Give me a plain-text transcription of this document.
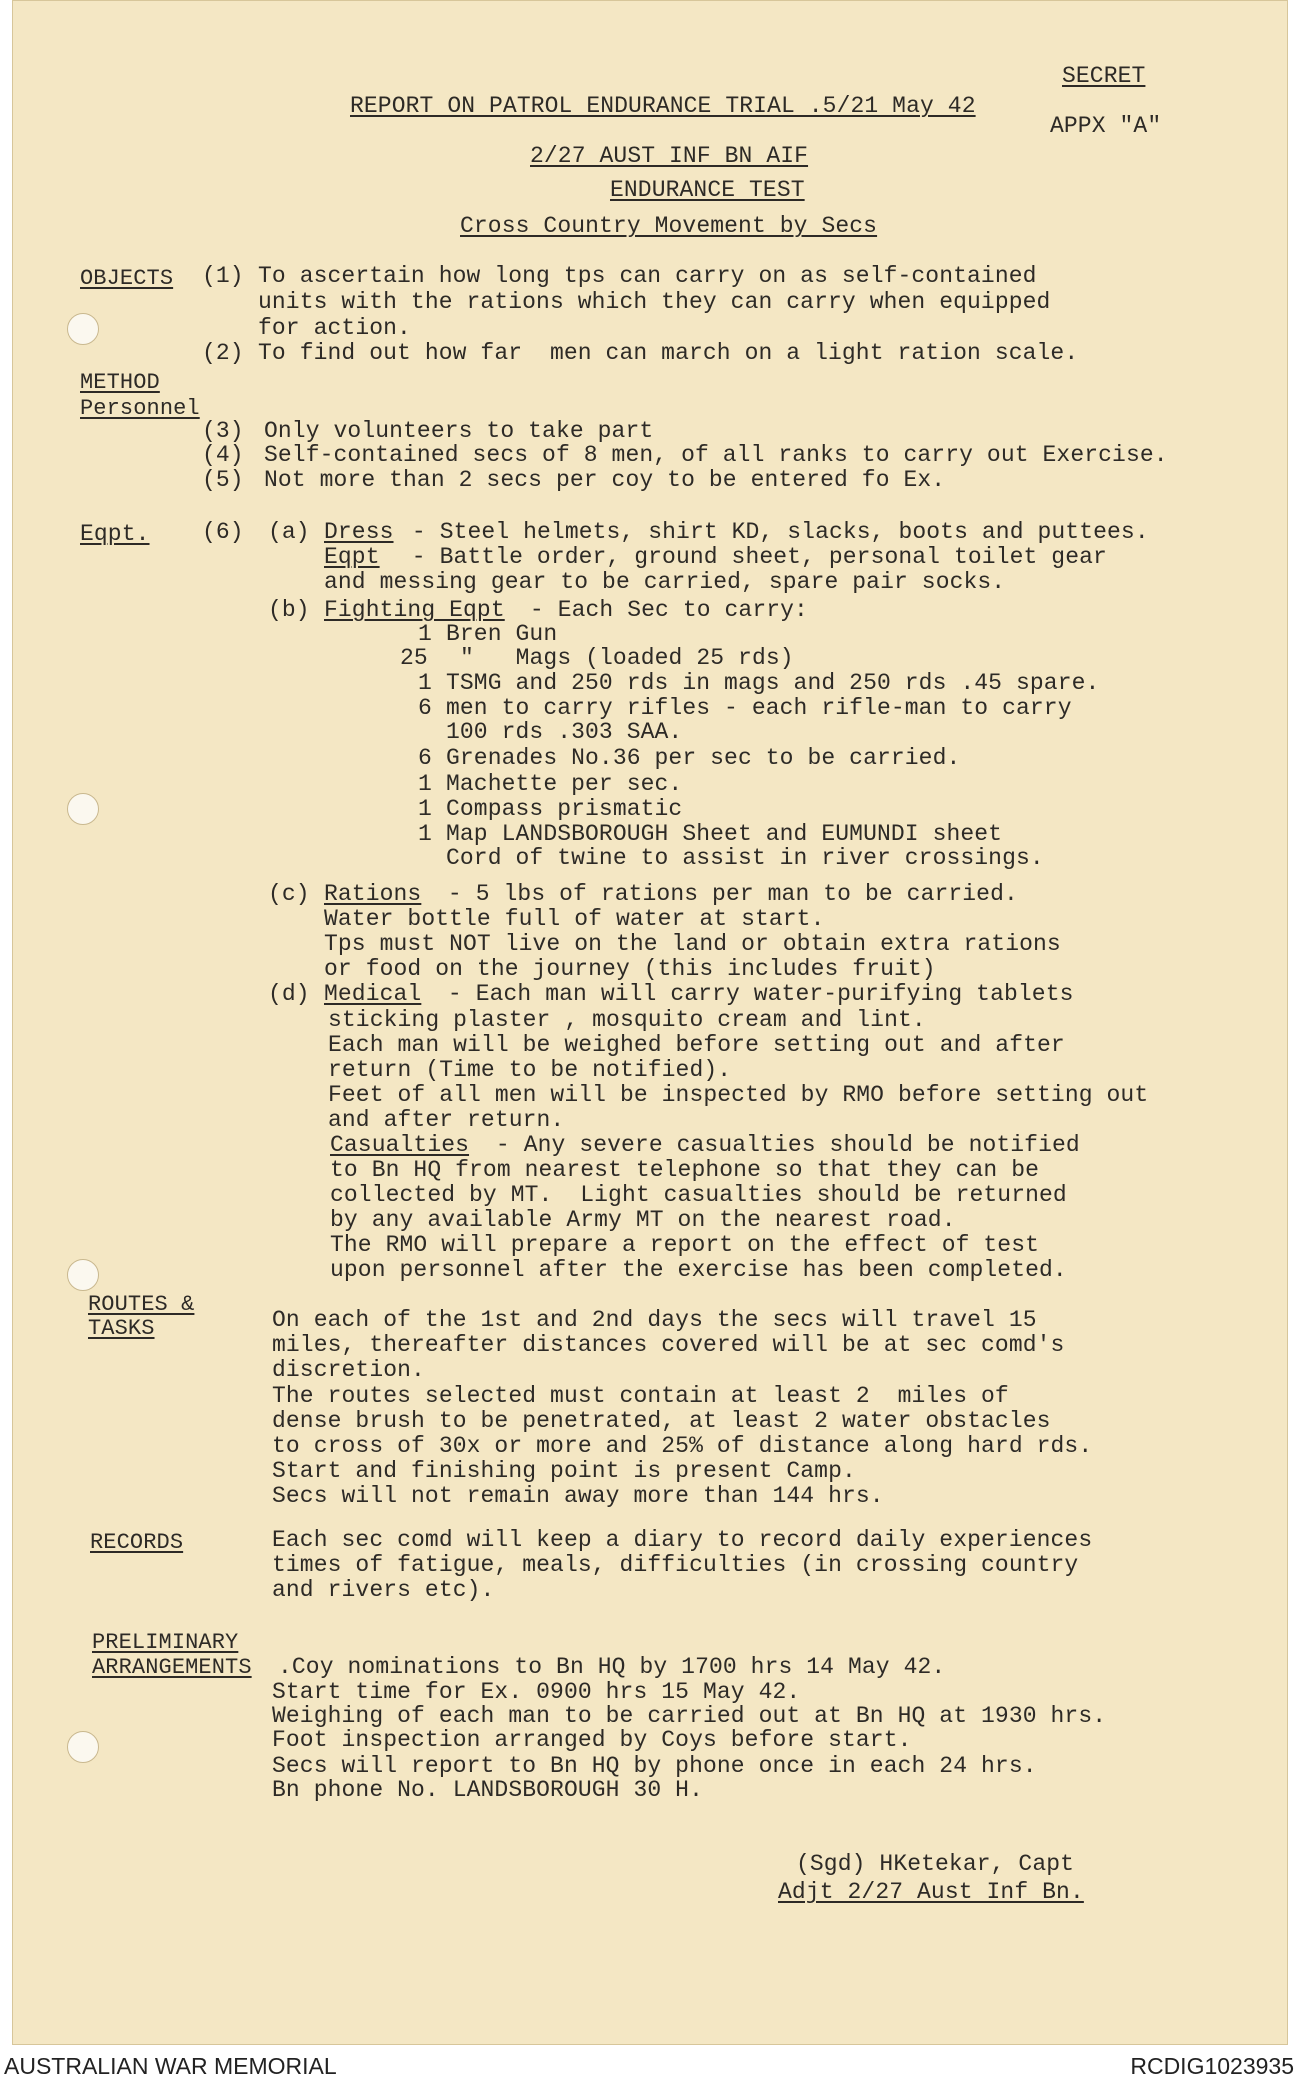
SECRET
REPORT ON PATROL ENDURANCE TRIAL .5/21 May 42
APPX "A"
2/27 AUST INF BN AIF
ENDURANCE TEST
Cross Country Movement by Secs
OBJECTS (1) To ascertain how long tps can carry on as self-contained
units with the rations which they can carry when equipped
for action.
(2) To find out how far  men can march on a light ration scale.
METHOD
Personnel
(3) Only volunteers to take part
(4) Self-contained secs of 8 men, of all ranks to carry out Exercise.
(5) Not more than 2 secs per coy to be entered fo Ex.
Eqpt. (6) (a) Dress - Steel helmets, shirt KD, slacks, boots and puttees.
Eqpt - Battle order, ground sheet, personal toilet gear
and messing gear to be carried, spare pair socks.
(b) Fighting Eqpt - Each Sec to carry:
1 Bren Gun
25 "   Mags (loaded 25 rds)
1 TSMG and 250 rds in mags and 250 rds .45 spare.
6 men to carry rifles - each rifle-man to carry
100 rds .303 SAA.
6 Grenades No.36 per sec to be carried.
1 Machette per sec.
1 Compass prismatic
1 Map LANDSBOROUGH Sheet and EUMUNDI sheet
Cord of twine to assist in river crossings.
(c) Rations - 5 lbs of rations per man to be carried.
Water bottle full of water at start.
Tps must NOT live on the land or obtain extra rations
or food on the journey (this includes fruit)
(d) Medical - Each man will carry water-purifying tablets
sticking plaster , mosquito cream and lint.
Each man will be weighed before setting out and after
return (Time to be notified).
Feet of all men will be inspected by RMO before setting out
and after return.
Casualties - Any severe casualties should be notified
to Bn HQ from nearest telephone so that they can be
collected by MT.  Light casualties should be returned
by any available Army MT on the nearest road.
The RMO will prepare a report on the effect of test
upon personnel after the exercise has been completed.
ROUTES &
TASKS	On each of the 1st and 2nd days the secs will travel 15
miles, thereafter distances covered will be at sec comd's
discretion.
The routes selected must contain at least 2  miles of
dense brush to be penetrated, at least 2 water obstacles
to cross of 30x or more and 25% of distance along hard rds.
Start and finishing point is present Camp.
Secs will not remain away more than 144 hrs.
RECORDS	Each sec comd will keep a diary to record daily experiences
times of fatigue, meals, difficulties (in crossing country
and rivers etc).
PRELIMINARY
ARRANGEMENTS .Coy nominations to Bn HQ by 1700 hrs 14 May 42.
Start time for Ex. 0900 hrs 15 May 42.
Weighing of each man to be carried out at Bn HQ at 1930 hrs.
Foot inspection arranged by Coys before start.
Secs will report to Bn HQ by phone once in each 24 hrs.
Bn phone No. LANDSBOROUGH 30 H.
(Sgd) HKetekar, Capt
Adjt 2/27 Aust Inf Bn.
AUSTRALIAN WAR MEMORIAL	RCDIG1023935
